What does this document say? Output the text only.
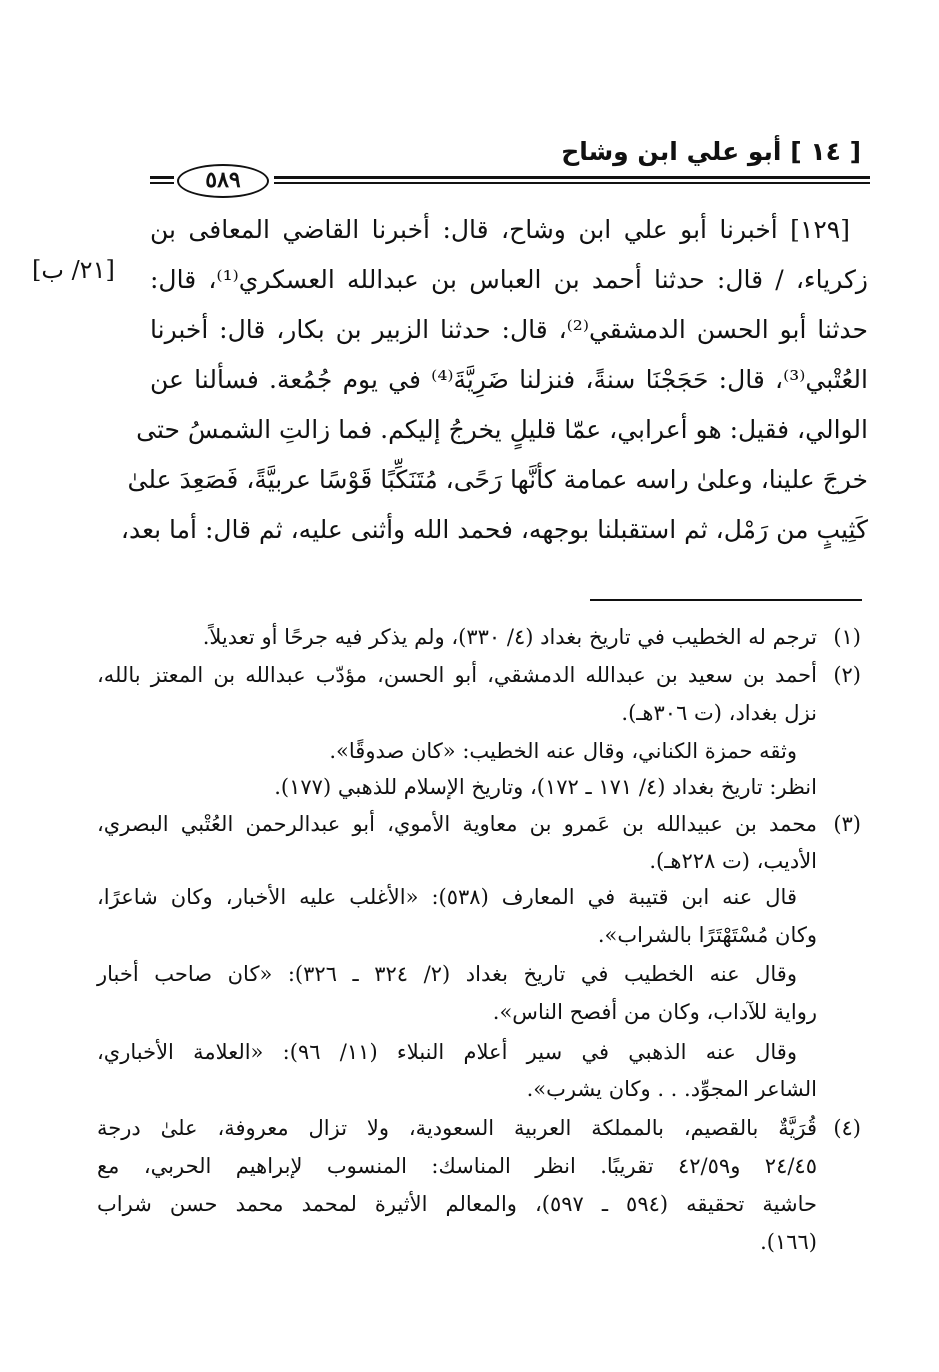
[ ١٤ ] أبو علي ابن وشاح
٥٨٩
[٢١/ ب]
[١٢٩] أخبرنا أبو علي ابن وشاح، قال: أخبرنا القاضي المعافى بن
زكرياء، / قال: حدثنا أحمد بن العباس بن عبدالله العسكري⁽¹⁾، قال:
حدثنا أبو الحسن الدمشقي⁽²⁾، قال: حدثنا الزبير بن بكار، قال: أخبرنا
العُتْبي⁽³⁾، قال: حَجَجْنَا سنةً، فنزلنا ضَرِيَّةَ⁽⁴⁾ في يوم جُمُعة. فسألنا عن
الوالي، فقيل: هو أعرابي، عمّا قليلٍ يخرجُ إليكم. فما زالتِ الشمسُ حتى
خرجَ علينا، وعلىٰ راسه عمامة كأنَّها رَحًى، مُتَنَكِّبًا قَوْسًا عربيَّةً، فَصَعِدَ علىٰ
كَثِيبٍ من رَمْل، ثم استقبلنا بوجهه، فحمد الله وأثنى عليه، ثم قال: أما بعد،
(١)
ترجم له الخطيب في تاريخ بغداد (٤/ ٣٣٠)، ولم يذكر فيه جرحًا أو تعديلاً.
(٢)
أحمد بن سعيد بن عبدالله الدمشقي، أبو الحسن، مؤدّب عبدالله بن المعتز بالله،
نزل بغداد، (ت ٣٠٦هـ).
وثقه حمزة الكناني، وقال عنه الخطيب: «كان صدوقًا».
انظر: تاريخ بغداد (٤/ ١٧١ ـ ١٧٢)، وتاريخ الإسلام للذهبي (١٧٧).
(٣)
محمد بن عبيدالله بن عَمرو بن معاوية الأموي، أبو عبدالرحمن العُتْبي البصري،
الأديب، (ت ٢٢٨هـ).
قال عنه ابن قتيبة في المعارف (٥٣٨): «الأغلب عليه الأخبار، وكان شاعرًا،
وكان مُسْتَهْتَرًا بالشراب».
وقال عنه الخطيب في تاريخ بغداد (٢/ ٣٢٤ ـ ٣٢٦): «كان صاحب أخبار
رواية للآداب، وكان من أفصح الناس».
وقال عنه الذهبي في سير أعلام النبلاء (١١/ ٩٦): «العلامة الأخباري،
الشاعر المجوِّد. . . وكان يشرب».
(٤)
قُرَيَّةٌ بالقصيم، بالمملكة العربية السعودية، ولا تزال معروفة، علىٰ درجة
٢٤/٤٥ و٤٢/٥٩ تقريبًا. انظر المناسك: المنسوب لإبراهيم الحربي، مع
حاشية تحقيقه (٥٩٤ ـ ٥٩٧)، والمعالم الأثيرة لمحمد محمد حسن شراب
(١٦٦).
